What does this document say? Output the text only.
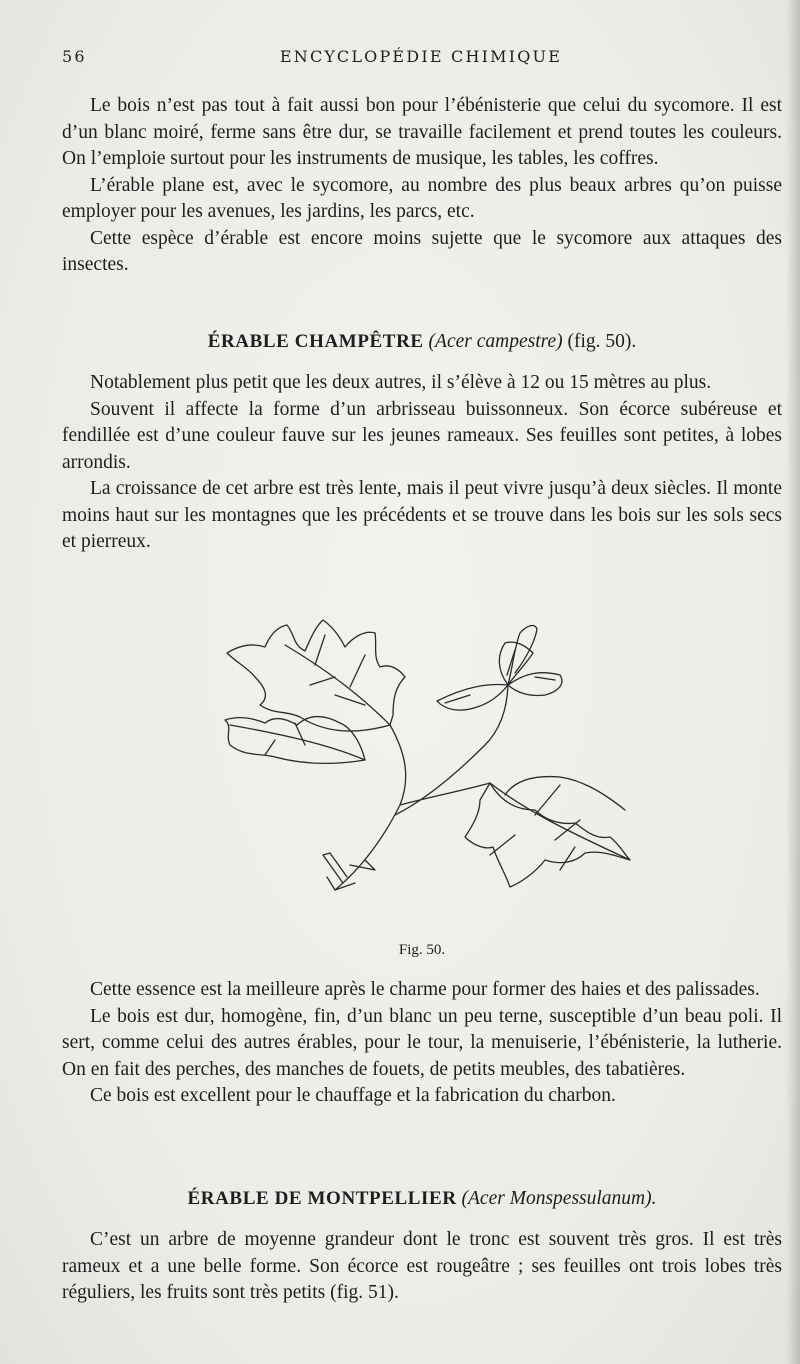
56	ENCYCLOPÉDIE CHIMIQUE

Le bois n’est pas tout à fait aussi bon pour l’ébénisterie que celui du sycomore. Il est d’un blanc moiré, ferme sans être dur, se travaille facilement et prend toutes les couleurs. On l’emploie surtout pour les instruments de musique, les tables, les coffres.

L’érable plane est, avec le sycomore, au nombre des plus beaux arbres qu’on puisse employer pour les avenues, les jardins, les parcs, etc.

Cette espèce d’érable est encore moins sujette que le sycomore aux attaques des insectes.

ÉRABLE CHAMPÊTRE (Acer campestre) (fig. 50).

Notablement plus petit que les deux autres, il s’élève à 12 ou 15 mètres au plus.

Souvent il affecte la forme d’un arbrisseau buissonneux. Son écorce subéreuse et fendillée est d’une couleur fauve sur les jeunes rameaux. Ses feuilles sont petites, à lobes arrondis.

La croissance de cet arbre est très lente, mais il peut vivre jusqu’à deux siècles. Il monte moins haut sur les montagnes que les précédents et se trouve dans les bois sur les sols secs et pierreux.

Fig. 50.

Cette essence est la meilleure après le charme pour former des haies et des palissades.

Le bois est dur, homogène, fin, d’un blanc un peu terne, susceptible d’un beau poli. Il sert, comme celui des autres érables, pour le tour, la menuiserie, l’ébénisterie, la lutherie. On en fait des perches, des manches de fouets, de petits meubles, des tabatières.

Ce bois est excellent pour le chauffage et la fabrication du charbon.

ÉRABLE DE MONTPELLIER (Acer Monspessulanum).

C’est un arbre de moyenne grandeur dont le tronc est souvent très gros. Il est très rameux et a une belle forme. Son écorce est rougeâtre ; ses feuilles ont trois lobes très réguliers, les fruits sont très petits (fig. 51).
